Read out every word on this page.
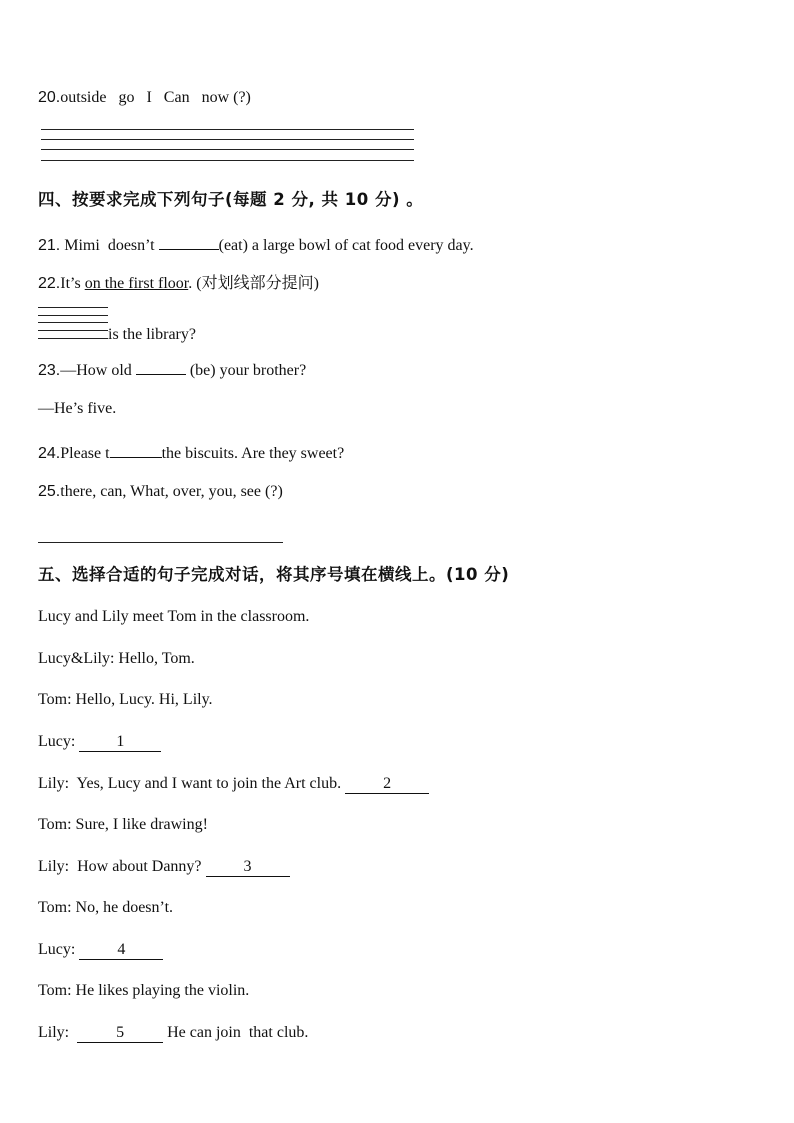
20.outside   go   I   Can   now (?)
四、按要求完成下列句子(每题 2 分, 共 10 分) 。
21. Mimi  doesn’t	(eat) a large bowl of cat food every day.
22.It’s on the first floor. (对划线部分提问)
is the library?
23.—How old	(be) your brother?
—He’s five.
24.Please t	the biscuits. Are they sweet?
25.there, can, What, over, you, see (?)
五、选择合适的句子完成对话，将其序号填在横线上。(10 分)
Lucy and Lily meet Tom in the classroom.
Lucy&Lily: Hello, Tom.
Tom: Hello, Lucy. Hi, Lily.
Lucy: 1
Lily:  Yes, Lucy and I want to join the Art club. 2
Tom: Sure, I like drawing!
Lily:  How about Danny? 3
Tom: No, he doesn’t.
Lucy: 4
Tom: He likes playing the violin.
Lily:  5 He can join  that club.
